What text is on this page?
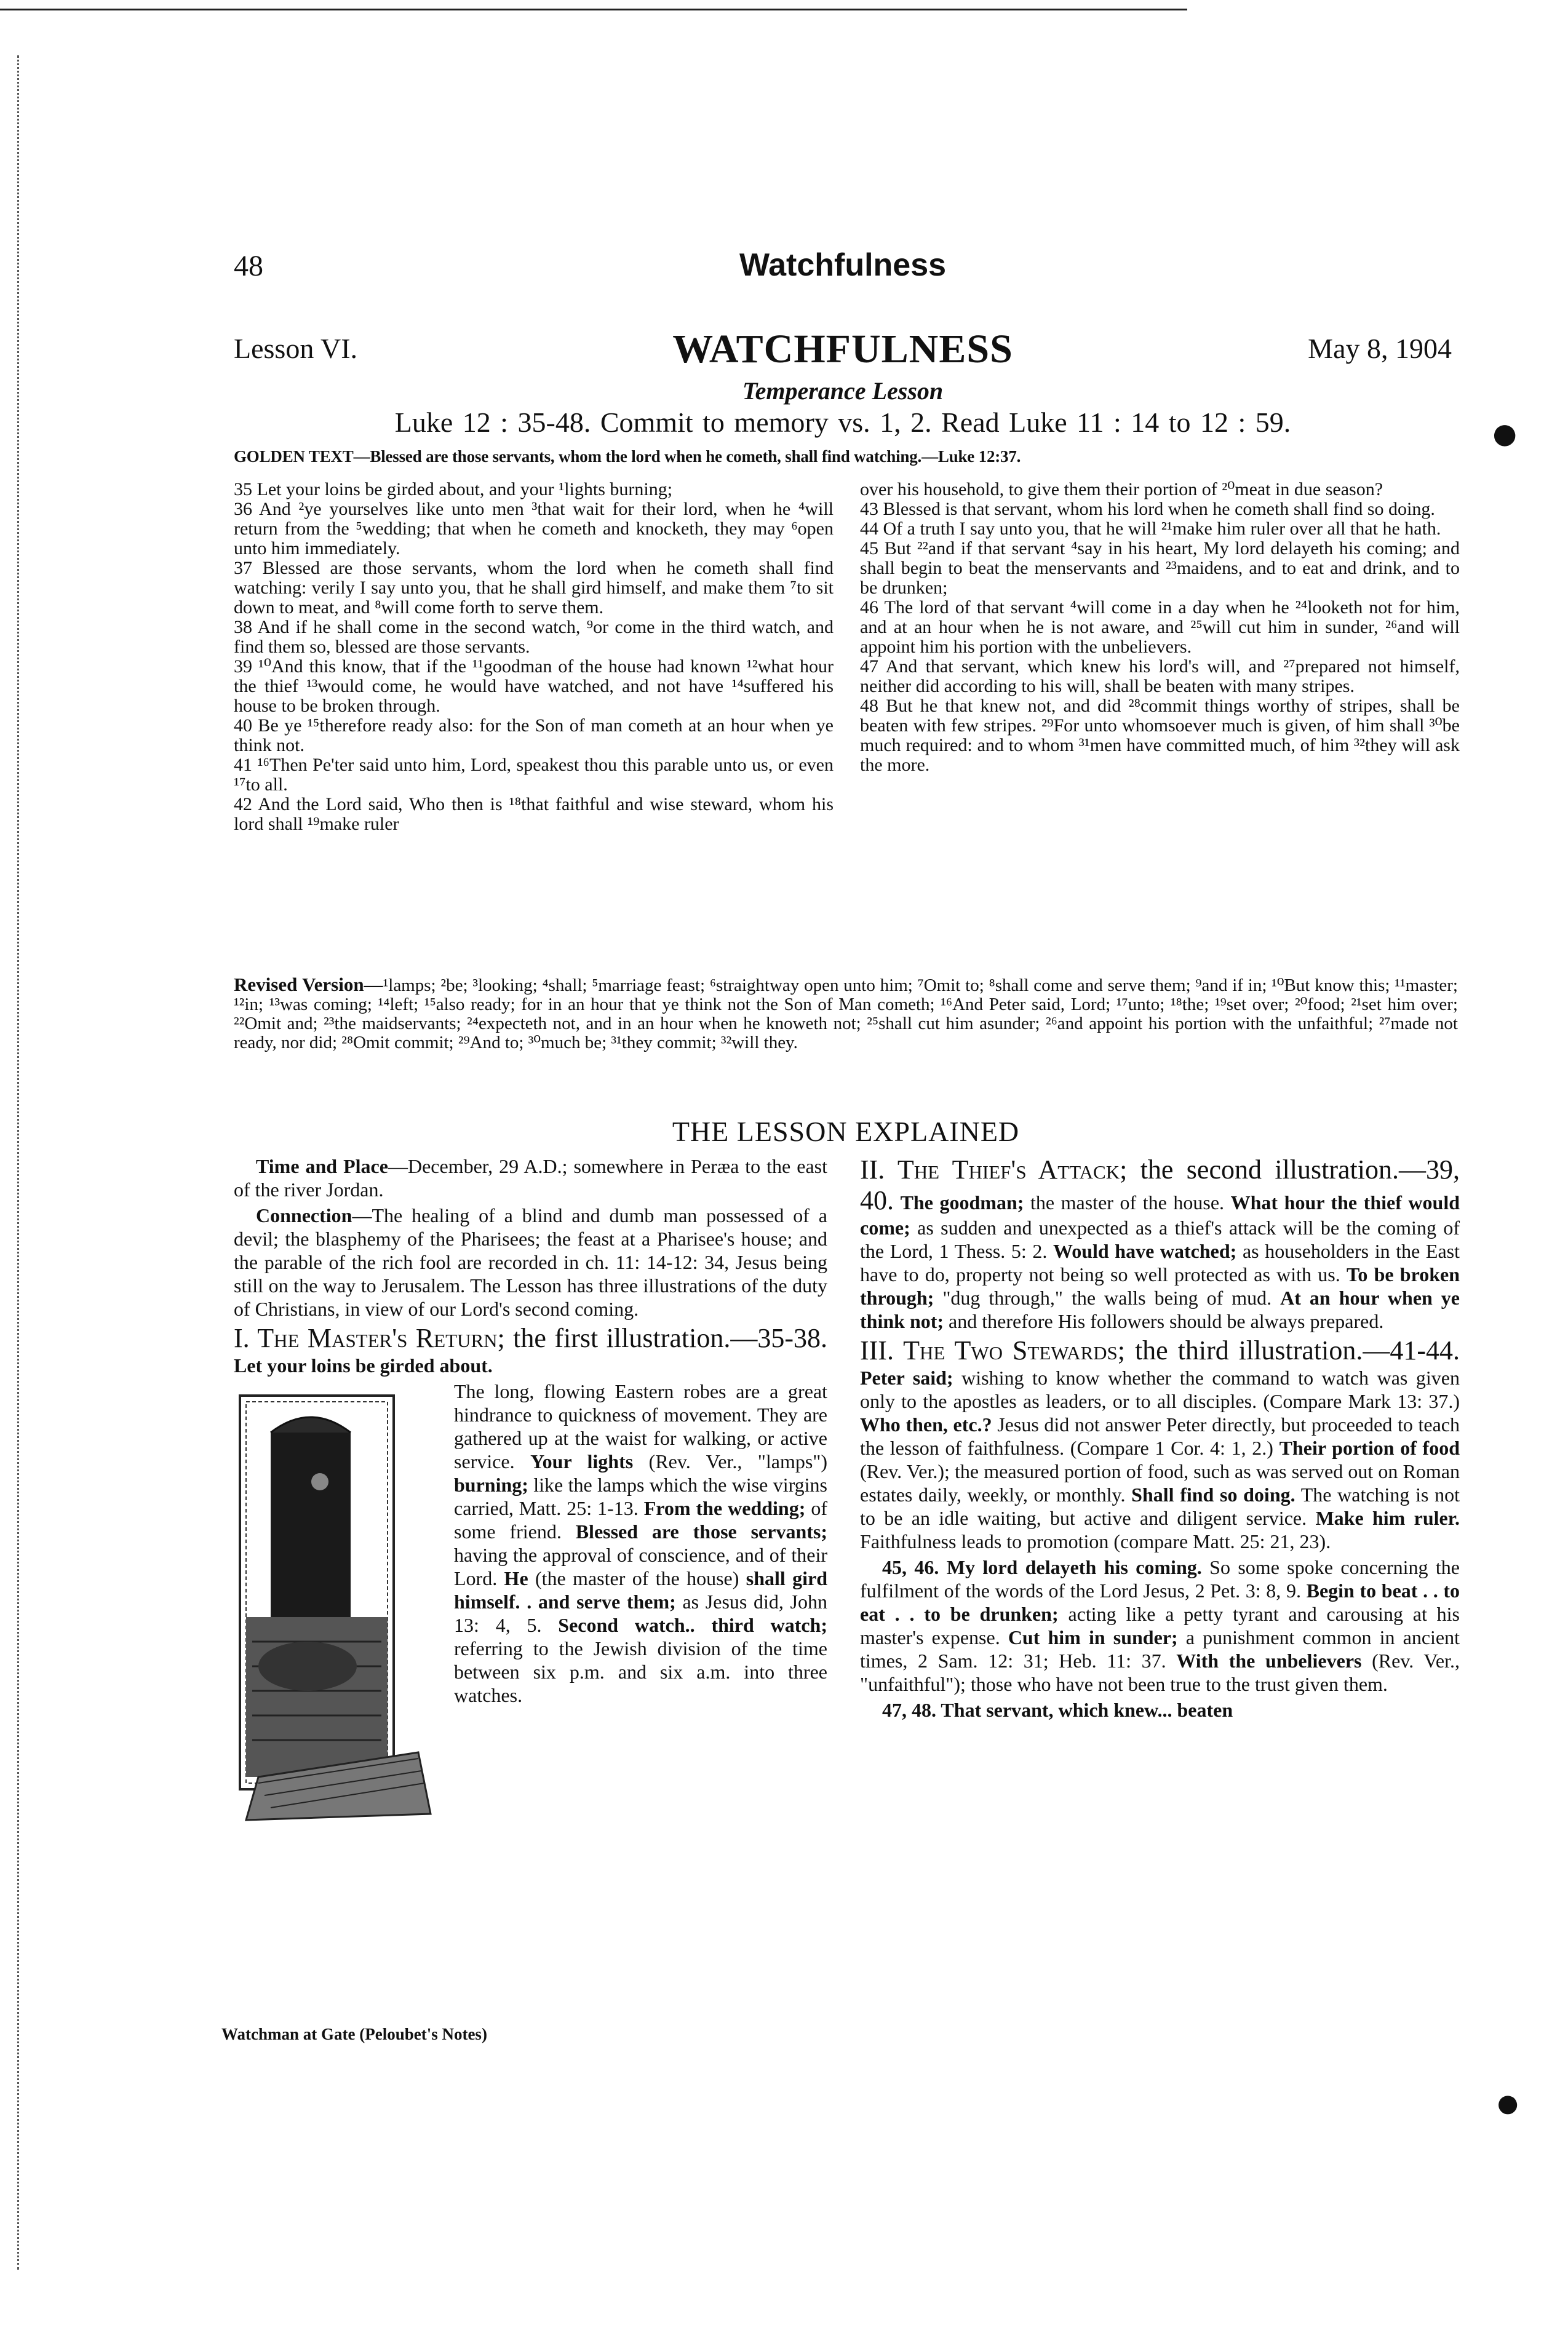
48	Watchfulness
Lesson VI.	WATCHFULNESS	May 8, 1904
Temperance Lesson
Luke 12 : 35-48. Commit to memory vs. 1, 2. Read Luke 11 : 14 to 12 : 59.
GOLDEN TEXT—Blessed are those servants, whom the lord when he cometh, shall find watching.—Luke 12:37.

35 Let your loins be girded about, and your ¹lights burning;

36 And ²ye yourselves like unto men ³that wait for their lord, when he ⁴will return from the ⁵wedding; that when he cometh and knocketh, they may ⁶open unto him immediately.

37 Blessed are those servants, whom the lord when he cometh shall find watching: verily I say unto you, that he shall gird himself, and make them ⁷to sit down to meat, and ⁸will come forth to serve them.

38 And if he shall come in the second watch, ⁹or come in the third watch, and find them so, blessed are those servants.

39 ¹⁰And this know, that if the ¹¹goodman of the house had known ¹²what hour the thief ¹³would come, he would have watched, and not have ¹⁴suffered his house to be broken through.

40 Be ye ¹⁵therefore ready also: for the Son of man cometh at an hour when ye think not.

41 ¹⁶Then Pe'ter said unto him, Lord, speakest thou this parable unto us, or even ¹⁷to all.

42 And the Lord said, Who then is ¹⁸that faithful and wise steward, whom his lord shall ¹⁹make ruler

over his household, to give them their portion of ²⁰meat in due season?

43 Blessed is that servant, whom his lord when he cometh shall find so doing.

44 Of a truth I say unto you, that he will ²¹make him ruler over all that he hath.

45 But ²²and if that servant ⁴say in his heart, My lord delayeth his coming; and shall begin to beat the menservants and ²³maidens, and to eat and drink, and to be drunken;

46 The lord of that servant ⁴will come in a day when he ²⁴looketh not for him, and at an hour when he is not aware, and ²⁵will cut him in sunder, ²⁶and will appoint him his portion with the unbelievers.

47 And that servant, which knew his lord's will, and ²⁷prepared not himself, neither did according to his will, shall be beaten with many stripes.

48 But he that knew not, and did ²⁸commit things worthy of stripes, shall be beaten with few stripes. ²⁹For unto whomsoever much is given, of him shall ³⁰be much required: and to whom ³¹men have committed much, of him ³²they will ask the more.

Revised Version—¹lamps; ²be; ³looking; ⁴shall; ⁵marriage feast; ⁶straightway open unto him; ⁷Omit to; ⁸shall come and serve them; ⁹and if in; ¹⁰But know this; ¹¹master; ¹²in; ¹³was coming; ¹⁴left; ¹⁵also ready; for in an hour that ye think not the Son of Man cometh; ¹⁶And Peter said, Lord; ¹⁷unto; ¹⁸the; ¹⁹set over; ²⁰food; ²¹set him over; ²²Omit and; ²³the maidservants; ²⁴expecteth not, and in an hour when he knoweth not; ²⁵shall cut him asunder; ²⁶and appoint his portion with the unfaithful; ²⁷made not ready, nor did; ²⁸Omit commit; ²⁹And to; ³⁰much be; ³¹they commit; ³²will they.
THE LESSON EXPLAINED

Time and Place—December, 29 A.D.; somewhere in Peræa to the east of the river Jordan.

Connection—The healing of a blind and dumb man possessed of a devil; the blasphemy of the Pharisees; the feast at a Pharisee's house; and the parable of the rich fool are recorded in ch. 11: 14-12: 34, Jesus being still on the way to Jerusalem. The Lesson has three illustrations of the duty of Christians, in view of our Lord's second coming.

I. The Master's Return; the first illustration.—35-38. Let your loins be girded about.

The long, flowing Eastern robes are a great hindrance to quickness of movement. They are gathered up at the waist for walking, or active service. Your lights (Rev. Ver., "lamps") burning; like the lamps which the wise virgins carried, Matt. 25: 1-13. From the wedding; of some friend. Blessed are those servants; having the approval of conscience, and of their Lord. He (the master of the house) shall gird himself. . and serve them; as Jesus did, John 13: 4, 5. Second watch.. third watch; referring to the Jewish division of the time between six p.m. and six a.m. into three watches.

Watchman at Gate (Peloubet's Notes)

II. The Thief's Attack; the second illustration.—39, 40. The goodman; the master of the house. What hour the thief would come; as sudden and unexpected as a thief's attack will be the coming of the Lord, 1 Thess. 5: 2. Would have watched; as householders in the East have to do, property not being so well protected as with us. To be broken through; "dug through," the walls being of mud. At an hour when ye think not; and therefore His followers should be always prepared.

III. The Two Stewards; the third illustration.—41-44. Peter said; wishing to know whether the command to watch was given only to the apostles as leaders, or to all disciples. (Compare Mark 13: 37.) Who then, etc.? Jesus did not answer Peter directly, but proceeded to teach the lesson of faithfulness. (Compare 1 Cor. 4: 1, 2.) Their portion of food (Rev. Ver.); the measured portion of food, such as was served out on Roman estates daily, weekly, or monthly. Shall find so doing. The watching is not to be an idle waiting, but active and diligent service. Make him ruler. Faithfulness leads to promotion (compare Matt. 25: 21, 23).

45, 46. My lord delayeth his coming. So some spoke concerning the fulfilment of the words of the Lord Jesus, 2 Pet. 3: 8, 9. Begin to beat . . to eat . . to be drunken; acting like a petty tyrant and carousing at his master's expense. Cut him in sunder; a punishment common in ancient times, 2 Sam. 12: 31; Heb. 11: 37. With the unbelievers (Rev. Ver., "unfaithful"); those who have not been true to the trust given them.

47, 48. That servant, which knew... beaten

●
●
